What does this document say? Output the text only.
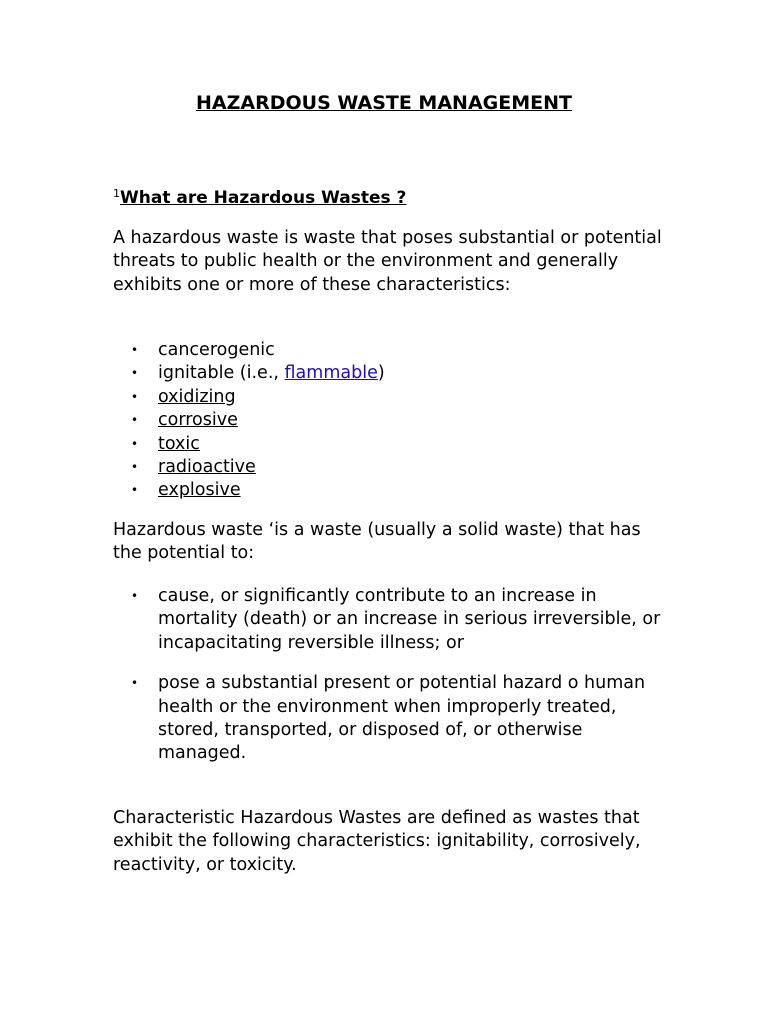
HAZARDOUS WASTE MANAGEMENT
$^1$What are Hazardous Wastes ?

A hazardous waste is waste that poses substantial or potential threats to public health or the environment and generally exhibits one or more of these characteristics:

• cancerogenic
• ignitable (i.e., flammable)
• oxidizing
• corrosive
• toxic
• radioactive
• explosive

Hazardous waste ‘is a waste (usually a solid waste) that has the potential to:

• cause, or significantly contribute to an increase in mortality (death) or an increase in serious irreversible, or incapacitating reversible illness; or
• pose a substantial present or potential hazard o human health or the environment when improperly treated, stored, transported, or disposed of, or otherwise managed.

Characteristic Hazardous Wastes are defined as wastes that exhibit the following characteristics: ignitability, corrosively, reactivity, or toxicity.
